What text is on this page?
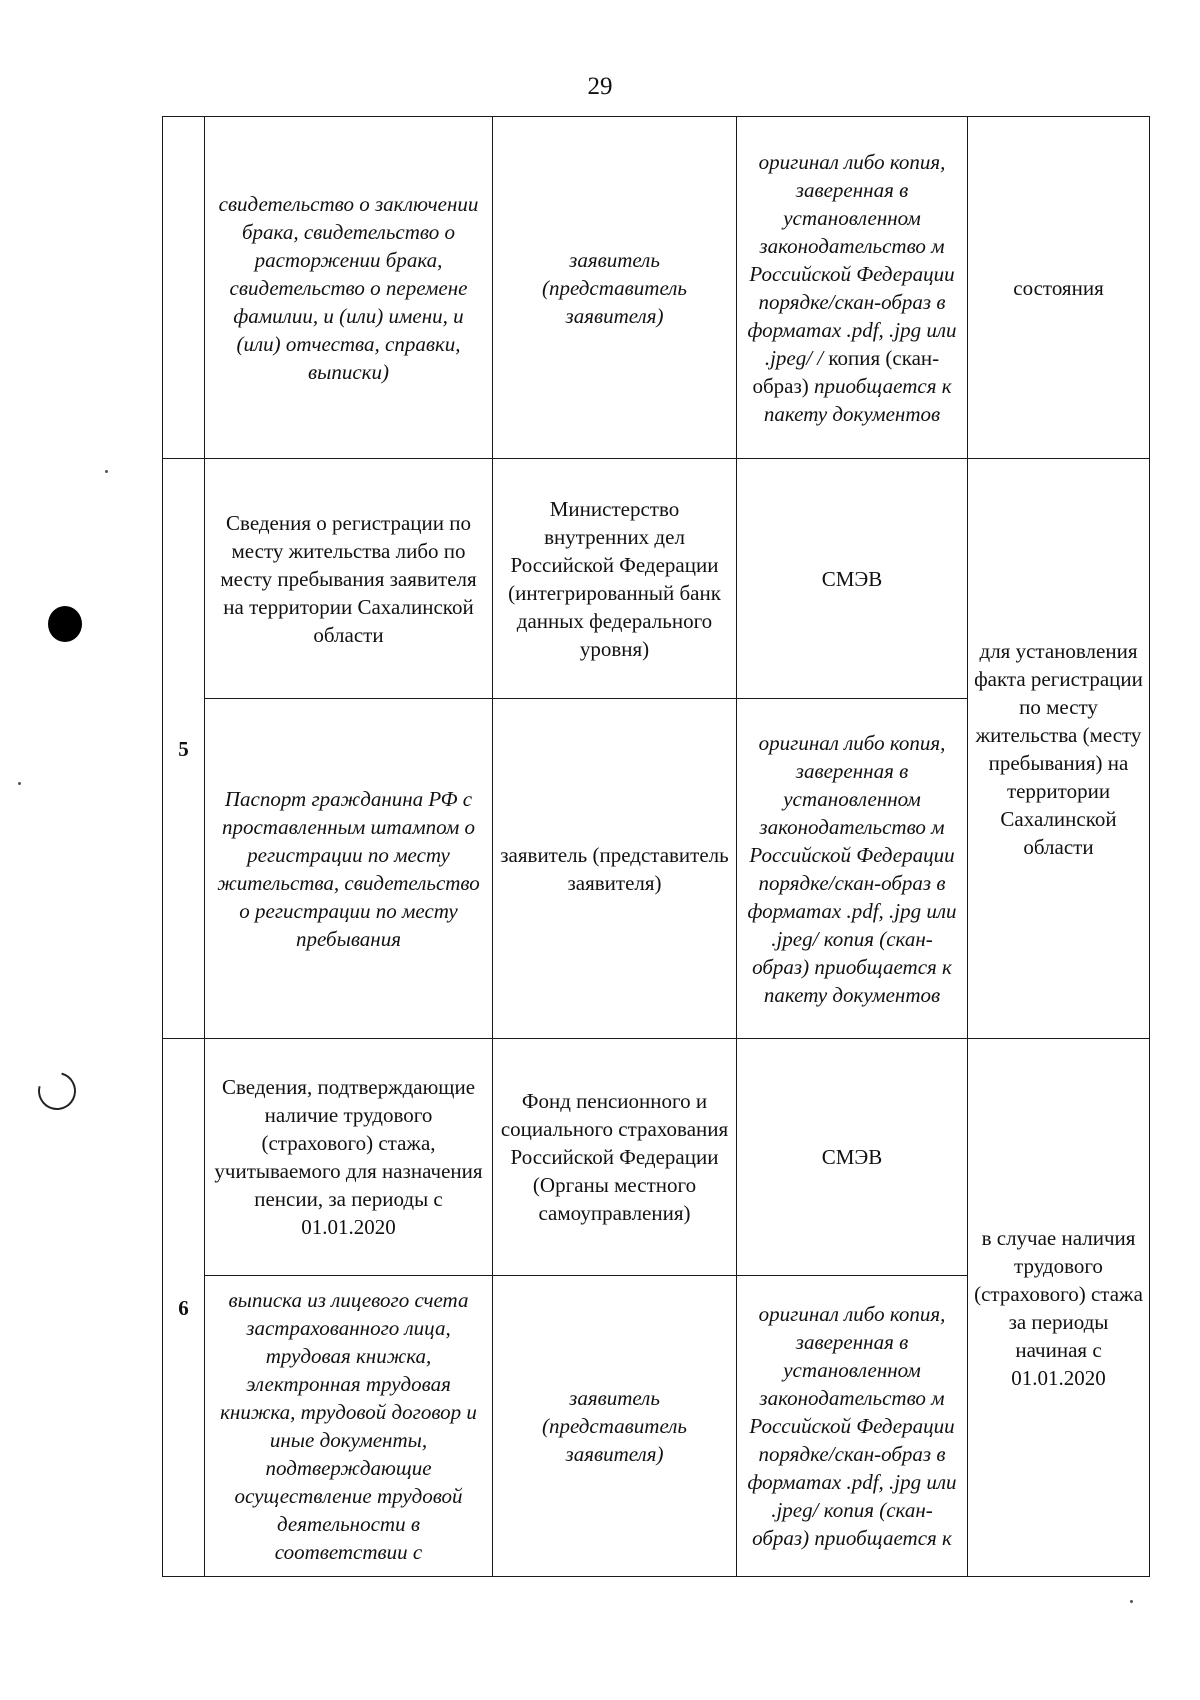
29
	свидетельство о заключении брака, свидетельство о расторжении брака, свидетельство о перемене фамилии, и (или) имени, и (или) отчества, справки, выписки)	заявитель (представитель заявителя)	оригинал либо копия, заверенная в установленном законодательство м Российской Федерации порядке/скан-образ в форматах .pdf, .jpg или .jpeg/ / копия (скан-образ) приобщается к пакету документов	состояния
5	Сведения о регистрации по месту жительства либо по месту пребывания заявителя на территории Сахалинской области	Министерство внутренних дел Российской Федерации (интегрированный банк данных федерального уровня)	СМЭВ	для установления факта регистрации по месту жительства (месту пребывания) на территории Сахалинской области
	Паспорт гражданина РФ с проставленным штампом о регистрации по месту жительства, свидетельство о регистрации по месту пребывания	заявитель (представитель заявителя)	оригинал либо копия, заверенная в установленном законодательство м Российской Федерации порядке/скан-образ в форматах .pdf, .jpg или .jpeg/ копия (скан-образ) приобщается к пакету документов	
6	Сведения, подтверждающие наличие трудового (страхового) стажа, учитываемого для назначения пенсии, за периоды с 01.01.2020	Фонд пенсионного и социального страхования Российской Федерации (Органы местного самоуправления)	СМЭВ	в случае наличия трудового (страхового) стажа за периоды начиная с 01.01.2020
	выписка из лицевого счета застрахованного лица, трудовая книжка, электронная трудовая книжка, трудовой договор и иные документы, подтверждающие осуществление трудовой деятельности в соответствии с	заявитель (представитель заявителя)	оригинал либо копия, заверенная в установленном законодательство м Российской Федерации порядке/скан-образ в форматах .pdf, .jpg или .jpeg/ копия (скан-образ) приобщается к	
